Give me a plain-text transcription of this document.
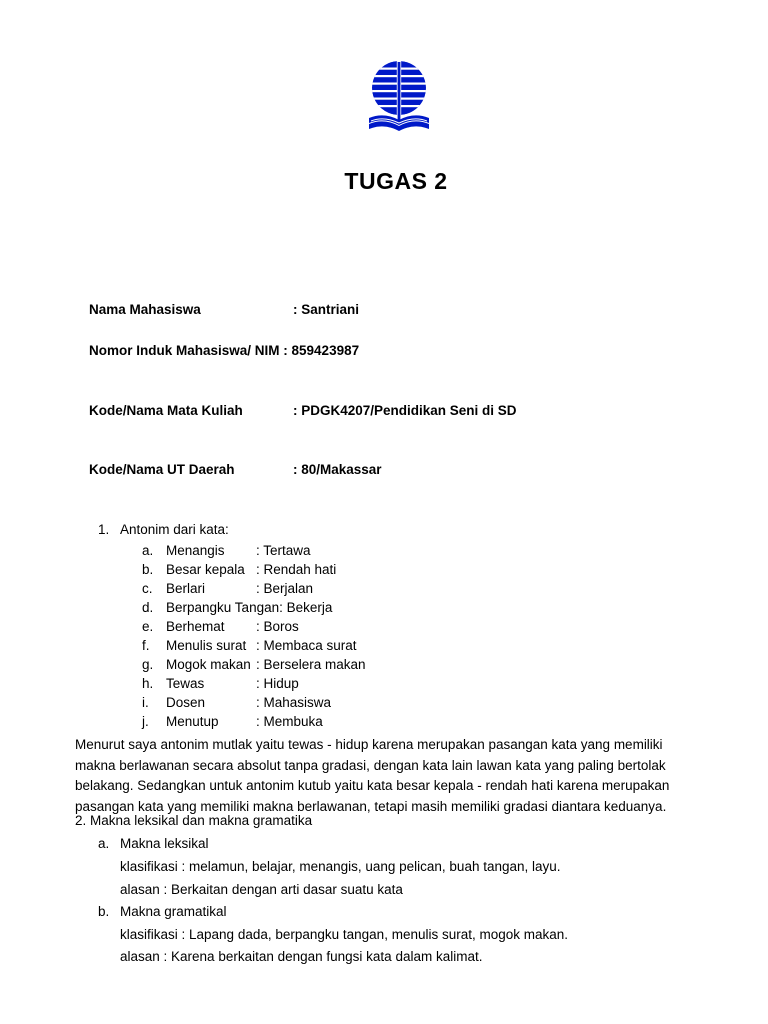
TUGAS 2
Nama Mahasiswa	: Santriani
Nomor Induk Mahasiswa/ NIM : 859423987
Kode/Nama Mata Kuliah	: PDGK4207/Pendidikan Seni di SD
Kode/Nama UT Daerah	: 80/Makassar
1. Antonim dari kata:
a. Menangis : Tertawa
b. Besar kepala : Rendah hati
c. Berlari	: Berjalan
d. Berpangku Tangan: Bekerja
e. Berhemat : Boros
f. Menulis surat : Membaca surat
g. Mogok makan : Berselera makan
h. Tewas	: Hidup
i. Dosen	: Mahasiswa
j. Menutup	: Membuka
Menurut saya antonim mutlak yaitu tewas - hidup karena merupakan pasangan kata yang memiliki makna berlawanan secara absolut tanpa gradasi, dengan kata lain lawan kata yang paling bertolak belakang. Sedangkan untuk antonim kutub yaitu kata besar kepala - rendah hati karena merupakan pasangan kata yang memiliki makna berlawanan, tetapi masih memiliki gradasi diantara keduanya.
2. Makna leksikal dan makna gramatika
a. Makna leksikal
klasifikasi : melamun, belajar, menangis, uang pelican, buah tangan, layu.
alasan : Berkaitan dengan arti dasar suatu kata
b. Makna gramatikal
klasifikasi : Lapang dada, berpangku tangan, menulis surat, mogok makan.
alasan : Karena berkaitan dengan fungsi kata dalam kalimat.
